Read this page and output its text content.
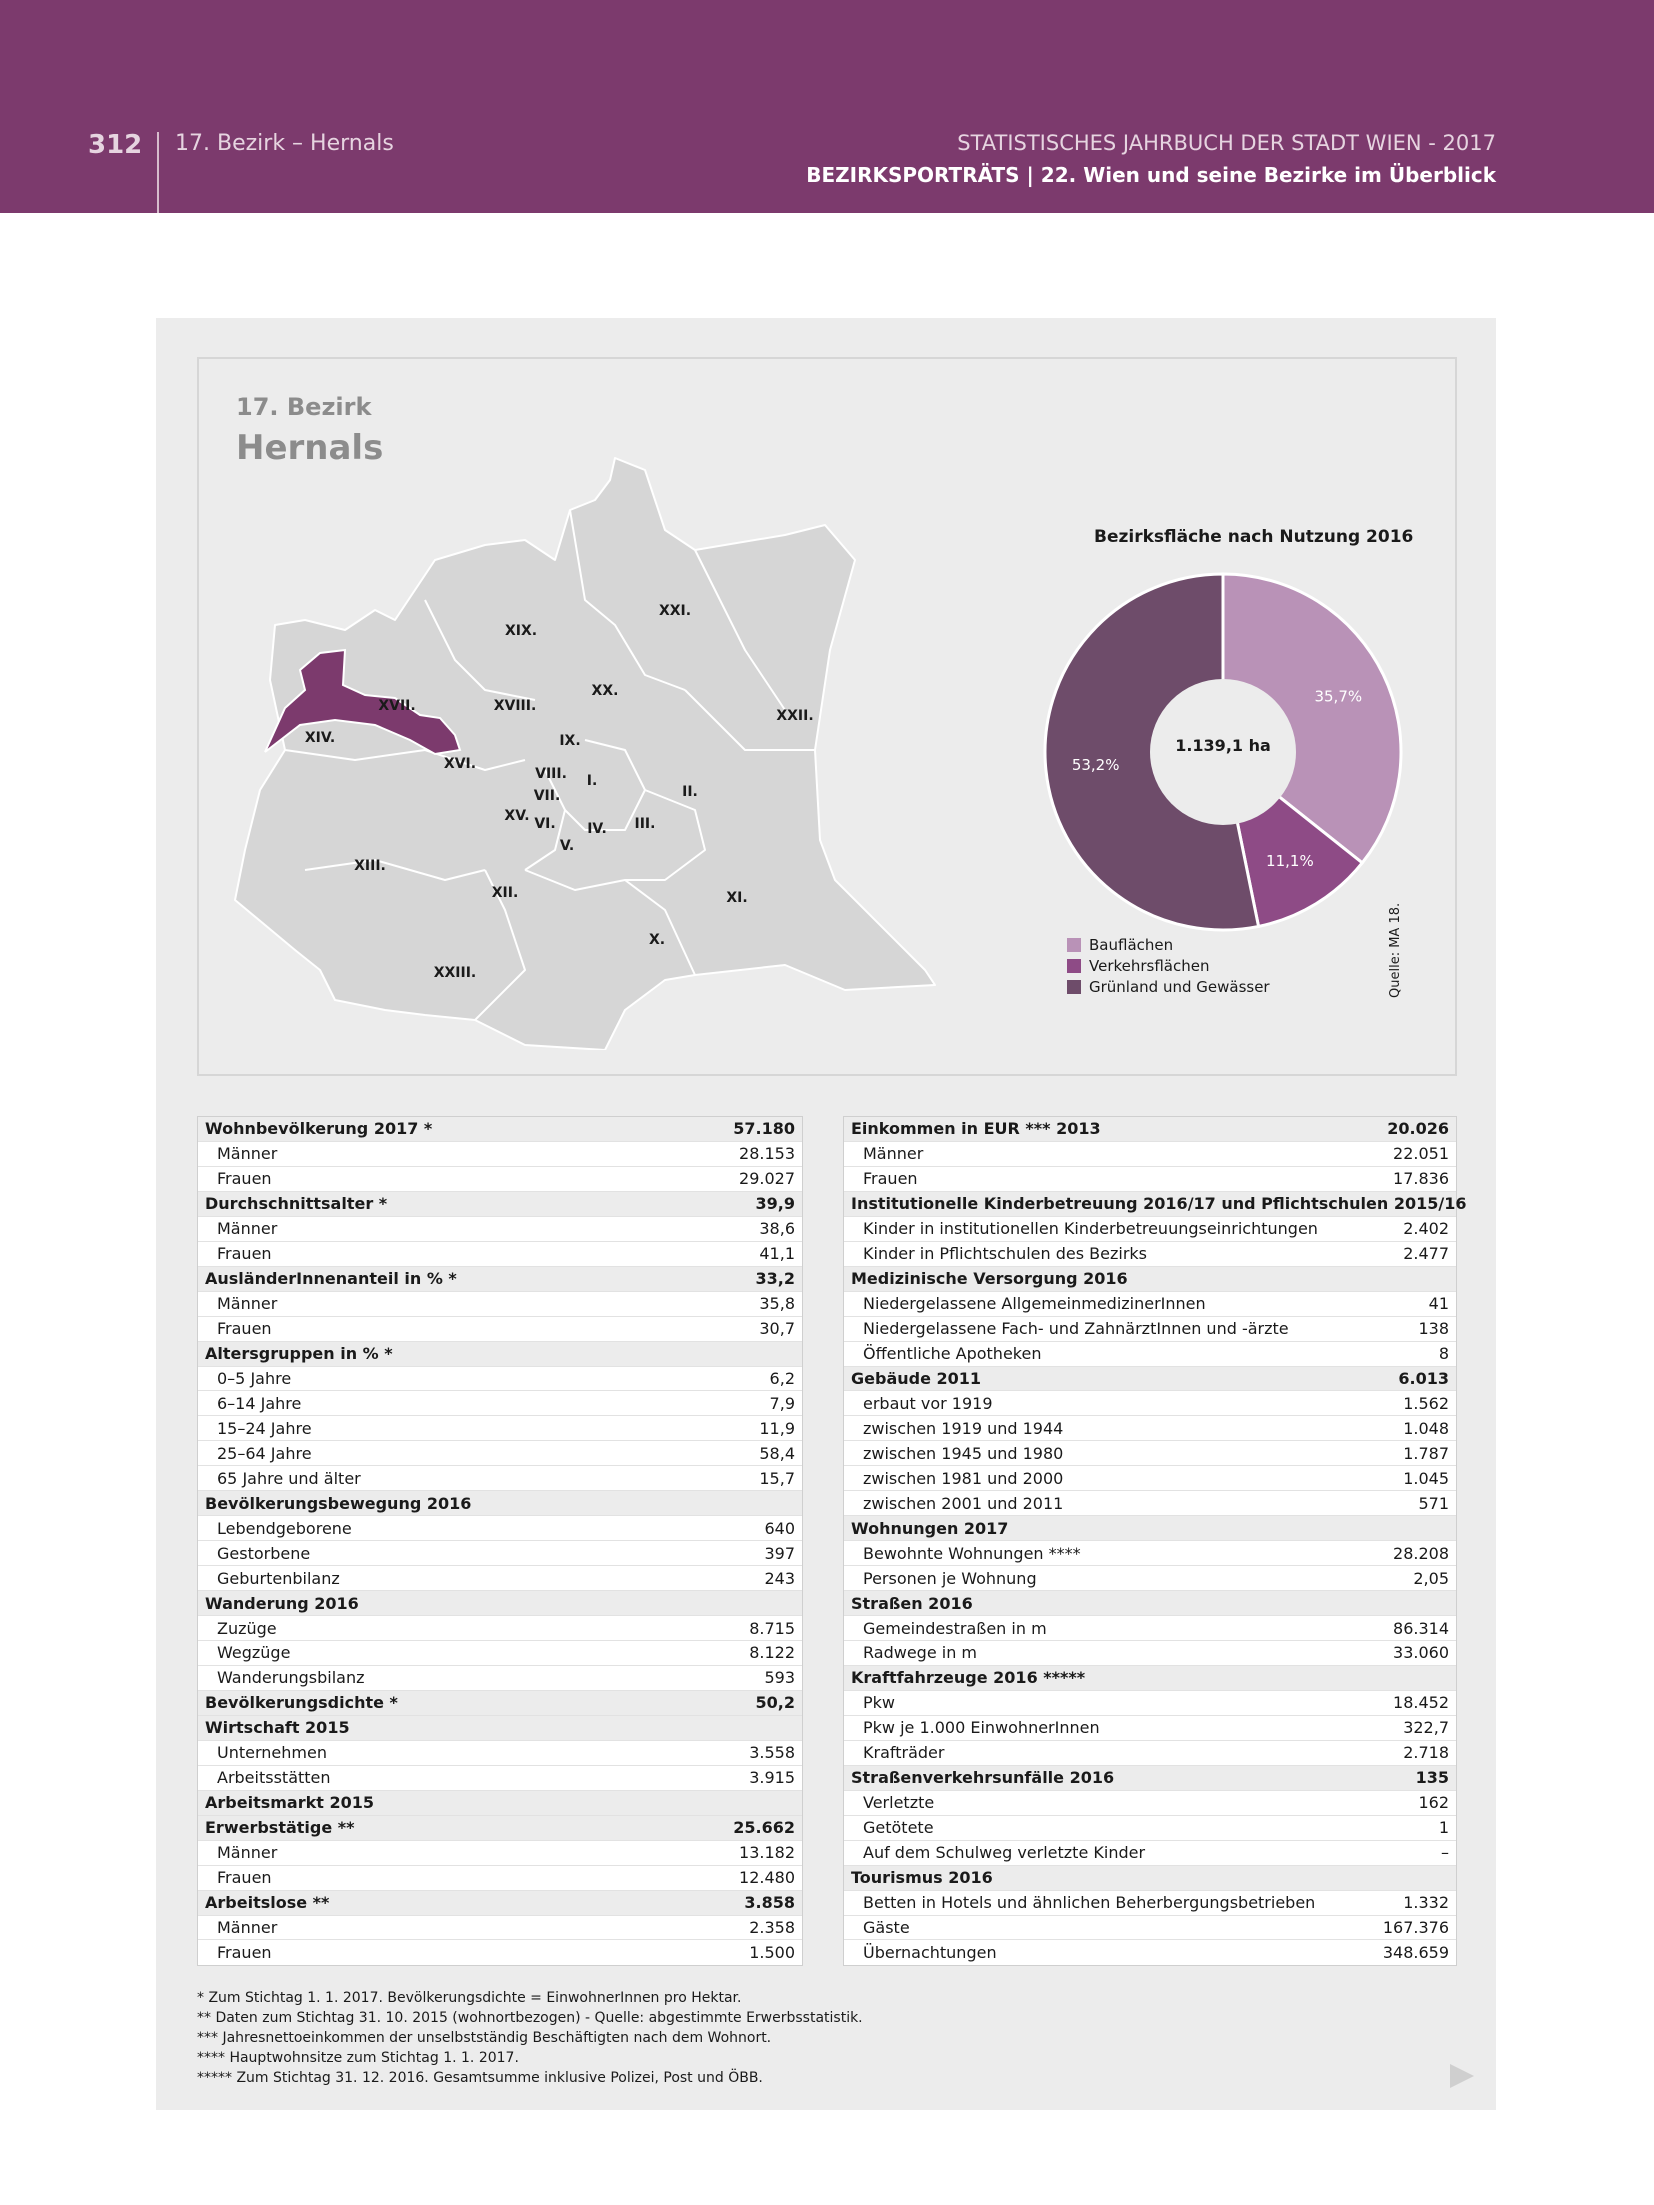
312 17. Bezirk – Hernals	STATISTISCHES JAHRBUCH DER STADT WIEN - 2017
BEZIRKSPORTRÄTS | 22. Wien und seine Bezirke im Überblick
17. Bezirk
Hernals
XXI.
XIX.
XX.
XVII.	XVIII.
XXII.
XIV.	IX.
XVI.
VIII. I.
VII.	II.
XV. VI. IV. III.
V.
XIII.
XII.	XI.
X.
XXIII.
Bezirksfläche nach Nutzung 2016
1.139,1 ha
35,7%
11,1%
53,2%
Bauflächen
Verkehrsflächen
Grünland und Gewässer	Quelle: MA 18.
Wohnbevölkerung 2017 *	57.180
Männer	28.153
Frauen	29.027
Durchschnittsalter *	39,9
Männer	38,6
Frauen	41,1
AusländerInnenanteil in % *	33,2
Männer	35,8
Frauen	30,7
Altersgruppen in % *
0–5 Jahre	6,2
6–14 Jahre	7,9
15–24 Jahre	11,9
25–64 Jahre	58,4
65 Jahre und älter	15,7
Bevölkerungsbewegung 2016
Lebendgeborene	640
Gestorbene	397
Geburtenbilanz	243
Wanderung 2016
Zuzüge	8.715
Wegzüge	8.122
Wanderungsbilanz	593
Bevölkerungsdichte *	50,2
Wirtschaft 2015
Unternehmen	3.558
Arbeitsstätten	3.915
Arbeitsmarkt 2015
Erwerbstätige **	25.662
Männer	13.182
Frauen	12.480
Arbeitslose **	3.858
Männer	2.358
Frauen	1.500
Einkommen in EUR *** 2013	20.026
Männer	22.051
Frauen	17.836
Institutionelle Kinderbetreuung 2016/17 und Pflichtschulen 2015/16
Kinder in institutionellen Kinderbetreuungseinrichtungen	2.402
Kinder in Pflichtschulen des Bezirks	2.477
Medizinische Versorgung 2016
Niedergelassene AllgemeinmedizinerInnen	41
Niedergelassene Fach- und ZahnärztInnen und -ärzte	138
Öffentliche Apotheken	8
Gebäude 2011	6.013
erbaut vor 1919	1.562
zwischen 1919 und 1944	1.048
zwischen 1945 und 1980	1.787
zwischen 1981 und 2000	1.045
zwischen 2001 und 2011	571
Wohnungen 2017
Bewohnte Wohnungen ****	28.208
Personen je Wohnung	2,05
Straßen 2016
Gemeindestraßen in m	86.314
Radwege in m	33.060
Kraftfahrzeuge 2016 *****
Pkw	18.452
Pkw je 1.000 EinwohnerInnen	322,7
Krafträder	2.718
Straßenverkehrsunfälle 2016	135
Verletzte	162
Getötete	1
Auf dem Schulweg verletzte Kinder	–
Tourismus 2016
Betten in Hotels und ähnlichen Beherbergungsbetrieben	1.332
Gäste	167.376
Übernachtungen	348.659
* Zum Stichtag 1. 1. 2017. Bevölkerungsdichte = EinwohnerInnen pro Hektar.
** Daten zum Stichtag 31. 10. 2015 (wohnortbezogen) - Quelle: abgestimmte Erwerbsstatistik.
*** Jahresnettoeinkommen der unselbstständig Beschäftigten nach dem Wohnort.
**** Hauptwohnsitze zum Stichtag 1. 1. 2017.
***** Zum Stichtag 31. 12. 2016. Gesamtsumme inklusive Polizei, Post und ÖBB.
